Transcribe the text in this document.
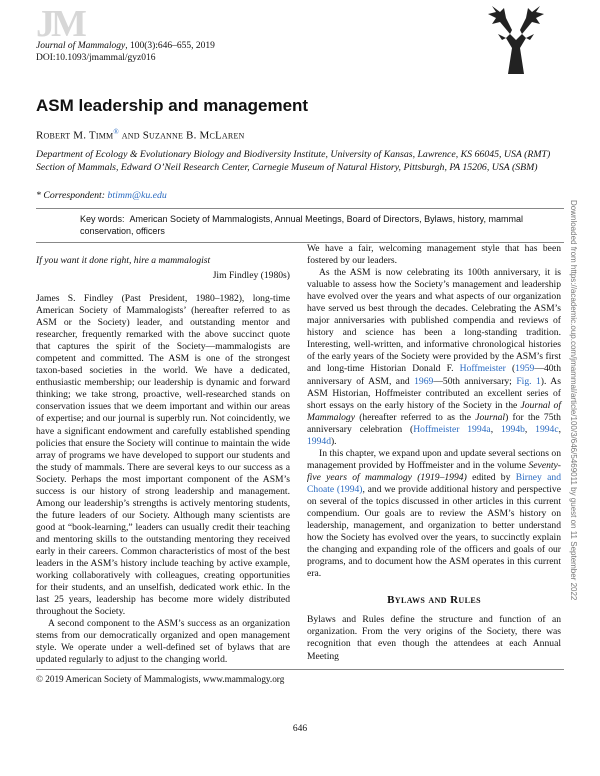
JM
Journal of Mammalogy, 100(3):646–655, 2019
DOI:10.1093/jmammal/gyz016
ASM leadership and management
Robert M. Timm® and Suzanne B. McLaren
Department of Ecology & Evolutionary Biology and Biodiversity Institute, University of Kansas, Lawrence, KS 66045, USA (RMT)
Section of Mammals, Edward O’Neil Research Center, Carnegie Museum of Natural History, Pittsburgh, PA 15206, USA (SBM)
* Correspondent: btimm@ku.edu
Key words: American Society of Mammalogists, Annual Meetings, Board of Directors, Bylaws, history, mammal conservation, officers	Downloaded from https://academic.oup.com/jmammal/article/100/3/646/5469011 by guest on 11 September 2022
If you want it done right, hire a mammalogist
Jim Findley (1980s)

James S. Findley (Past President, 1980–1982), long-time American Society of Mammalogists’ (hereafter referred to as ASM or the Society) leader, and outstanding mentor and researcher, frequently remarked with the above succinct quote that captures the spirit of the Society—mammalogists are competent and committed. The ASM is one of the strongest taxon-based societies in the world. We have a dedicated, enthusiastic membership; our leadership is dynamic and forward thinking; we take strong, proactive, well-researched stands on conservation issues that we deem important and within our areas of expertise; and our journal is superbly run. Not coincidently, we have a significant endowment and carefully established spending policies that ensure the Society will continue to maintain the wide array of programs we have developed to support our students and the study of mammals. There are several keys to our success as a Society. Perhaps the most important component of the ASM’s success is our history of strong leadership and management. Among our leadership’s strengths is actively mentoring students, the future leaders of our Society. Although many scientists are good at “book-learning,” leaders can usually credit their teaching and mentoring skills to the outstanding mentoring they received early in their careers. Common characteristics of most of the best leaders in the ASM’s history include teaching by active example, working collaboratively with colleagues, creating opportunities for their students, and an unselfish, dedicated work ethic. In the last 25 years, leadership has become more widely distributed throughout the Society.

A second component to the ASM’s success as an organization stems from our democratically organized and open management style. We operate under a well-defined set of bylaws that are updated regularly to adjust to the changing world.

We have a fair, welcoming management style that has been fostered by our leaders.

As the ASM is now celebrating its 100th anniversary, it is valuable to assess how the Society’s management and leadership have evolved over the years and what aspects of our organization have served us best through the decades. Celebrating the ASM’s major anniversaries with published compendia and reviews of history and science has been a long-standing tradition. Interesting, well-written, and informative chronological histories of the early years of the Society were provided by the ASM’s first and long-time Historian Donald F. Hoffmeister (1959—40th anniversary of ASM, and 1969—50th anniversary; Fig. 1). As ASM Historian, Hoffmeister contributed an excellent series of short essays on the early history of the Society in the Journal of Mammalogy (hereafter referred to as the Journal) for the 75th anniversary celebration (Hoffmeister 1994a, 1994b, 1994c, 1994d).

In this chapter, we expand upon and update several sections on management provided by Hoffmeister and in the volume Seventy-five years of mammalogy (1919–1994) edited by Birney and Choate (1994), and we provide additional history and perspective on several of the topics discussed in other articles in this current compendium. Our goals are to review the ASM’s history on leadership, management, and organization to better understand how the Society has evolved over the years, to succinctly explain the changing and expanding role of the officers and goals of our programs, and to document how the ASM operates in this current era.

Bylaws and Rules

Bylaws and Rules define the structure and function of an organization. From the very origins of the Society, there was recognition that even though the attendees at each Annual Meeting

© 2019 American Society of Mammalogists, www.mammalogy.org
646
